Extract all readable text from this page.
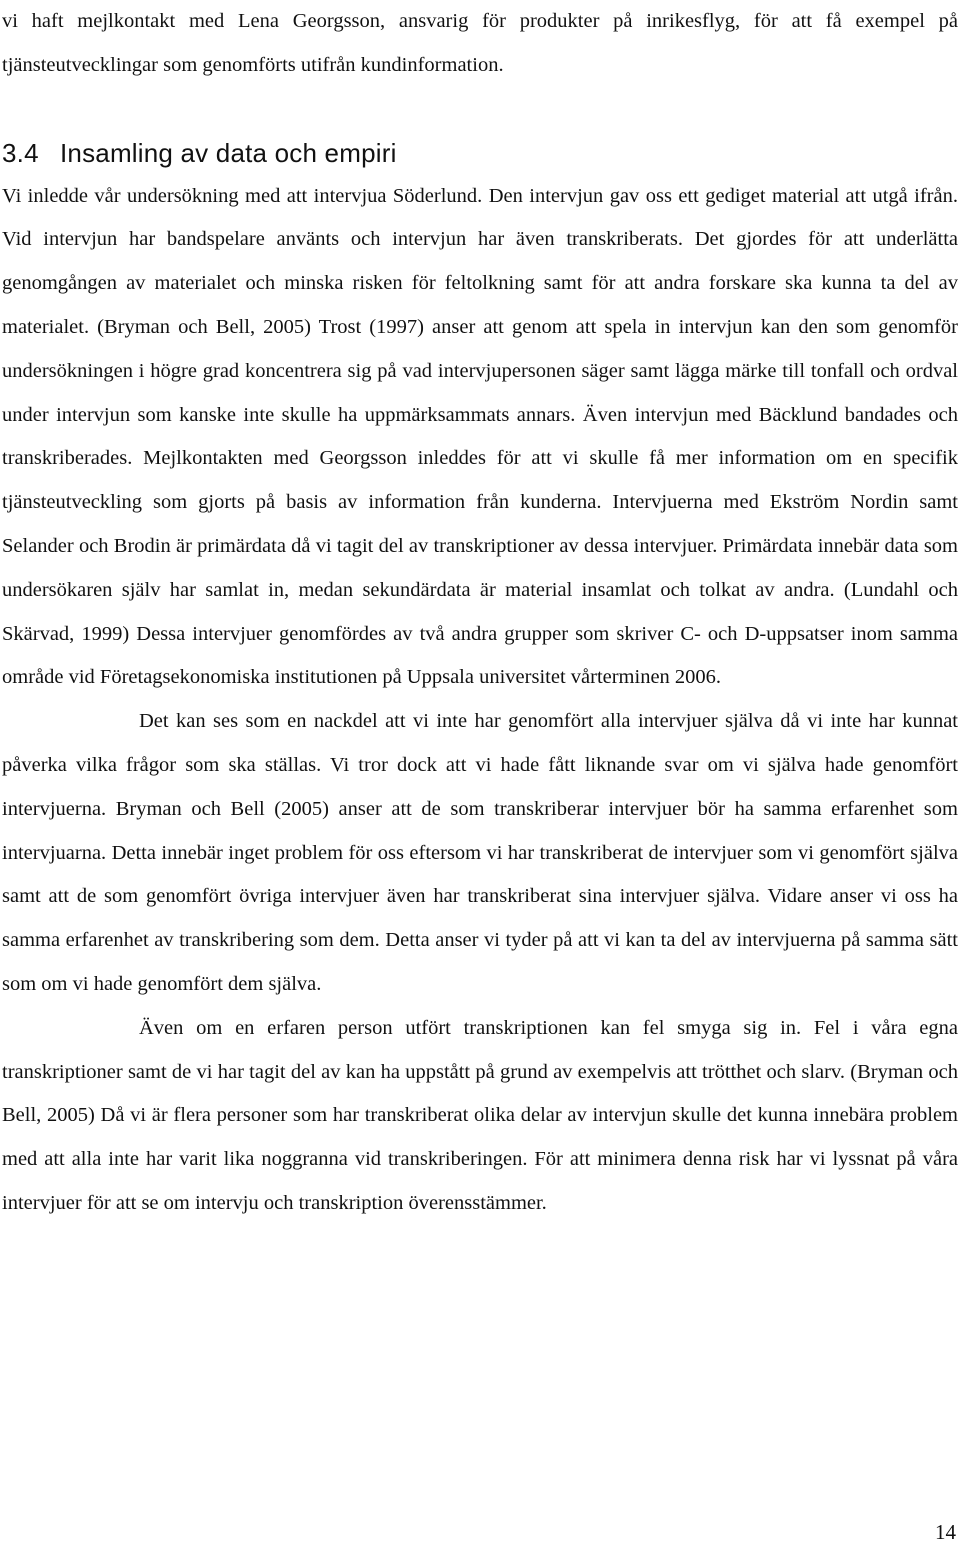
vi haft mejlkontakt med Lena Georgsson, ansvarig för produkter på inrikesflyg, för att få exempel på tjänsteutvecklingar som genomförts utifrån kundinformation.

3.4 Insamling av data och empiri

Vi inledde vår undersökning med att intervjua Söderlund. Den intervjun gav oss ett gediget material att utgå ifrån. Vid intervjun har bandspelare använts och intervjun har även transkriberats. Det gjordes för att underlätta genomgången av materialet och minska risken för feltolkning samt för att andra forskare ska kunna ta del av materialet. (Bryman och Bell, 2005) Trost (1997) anser att genom att spela in intervjun kan den som genomför undersökningen i högre grad koncentrera sig på vad intervjupersonen säger samt lägga märke till tonfall och ordval under intervjun som kanske inte skulle ha uppmärksammats annars. Även intervjun med Bäcklund bandades och transkriberades. Mejlkontakten med Georgsson inleddes för att vi skulle få mer information om en specifik tjänsteutveckling som gjorts på basis av information från kunderna. Intervjuerna med Ekström Nordin samt Selander och Brodin är primärdata då vi tagit del av transkriptioner av dessa intervjuer. Primärdata innebär data som undersökaren själv har samlat in, medan sekundärdata är material insamlat och tolkat av andra. (Lundahl och Skärvad, 1999) Dessa intervjuer genomfördes av två andra grupper som skriver C- och D-uppsatser inom samma område vid Företagsekonomiska institutionen på Uppsala universitet vårterminen 2006.

Det kan ses som en nackdel att vi inte har genomfört alla intervjuer själva då vi inte har kunnat påverka vilka frågor som ska ställas. Vi tror dock att vi hade fått liknande svar om vi själva hade genomfört intervjuerna. Bryman och Bell (2005) anser att de som transkriberar intervjuer bör ha samma erfarenhet som intervjuarna. Detta innebär inget problem för oss eftersom vi har transkriberat de intervjuer som vi genomfört själva samt att de som genomfört övriga intervjuer även har transkriberat sina intervjuer själva. Vidare anser vi oss ha samma erfarenhet av transkribering som dem. Detta anser vi tyder på att vi kan ta del av intervjuerna på samma sätt som om vi hade genomfört dem själva.

Även om en erfaren person utfört transkriptionen kan fel smyga sig in. Fel i våra egna transkriptioner samt de vi har tagit del av kan ha uppstått på grund av exempelvis att trötthet och slarv. (Bryman och Bell, 2005) Då vi är flera personer som har transkriberat olika delar av intervjun skulle det kunna innebära problem med att alla inte har varit lika noggranna vid transkriberingen. För att minimera denna risk har vi lyssnat på våra intervjuer för att se om intervju och transkription överensstämmer.

14
